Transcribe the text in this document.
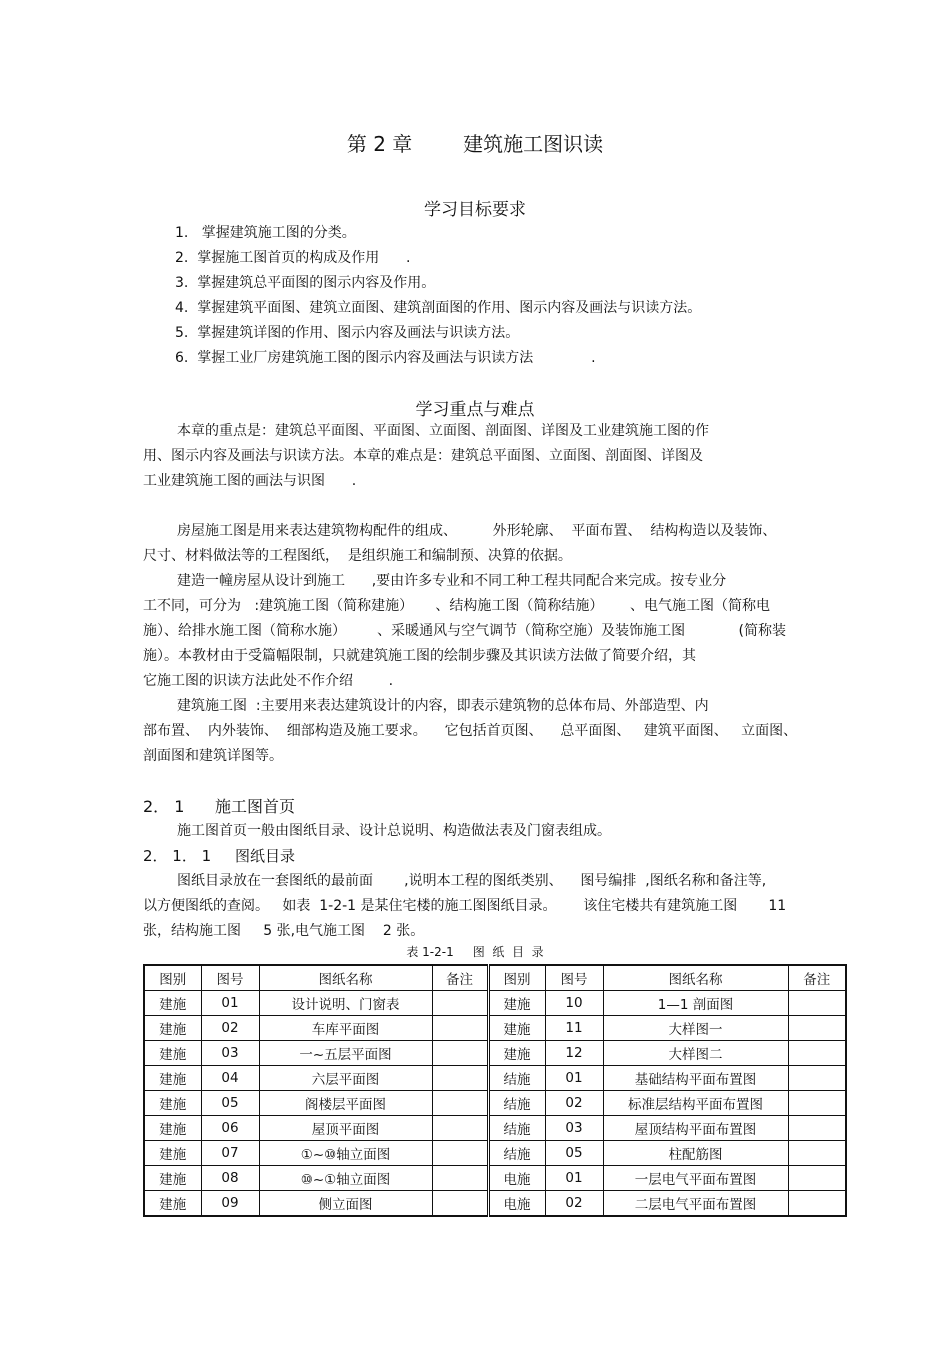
第 2 章        建筑施工图识读
学习目标要求
1.   掌握建筑施工图的分类。
2.  掌握施工图首页的构成及作用      .
3.  掌握建筑总平面图的图示内容及作用。
4.  掌握建筑平面图、建筑立面图、建筑剖面图的作用、图示内容及画法与识读方法。
5.  掌握建筑详图的作用、图示内容及画法与识读方法。
6.  掌握工业厂房建筑施工图的图示内容及画法与识读方法             .
学习重点与难点
本章的重点是：建筑总平面图、平面图、立面图、剖面图、详图及工业建筑施工图的作
用、图示内容及画法与识读方法。本章的难点是：建筑总平面图、立面图、剖面图、详图及
工业建筑施工图的画法与识图      .
房屋施工图是用来表达建筑物构配件的组成、        外形轮廓、  平面布置、  结构构造以及装饰、
尺寸、材料做法等的工程图纸，  是组织施工和编制预、决算的依据。
建造一幢房屋从设计到施工      ,要由许多专业和不同工种工程共同配合来完成。按专业分
工不同，可分为   :建筑施工图（简称建施）     、结构施工图（简称结施）      、电气施工图（简称电
施）、给排水施工图（简称水施）       、采暖通风与空气调节（简称空施）及装饰施工图            (简称装
施）。本教材由于受篇幅限制，只就建筑施工图的绘制步骤及其识读方法做了简要介绍，其
它施工图的识读方法此处不作介绍        .
建筑施工图  :主要用来表达建筑设计的内容，即表示建筑物的总体布局、外部造型、内
部布置、  内外装饰、  细部构造及施工要求。    它包括首页图、    总平面图、   建筑平面图、   立面图、
剖面图和建筑详图等。
2． 1      施工图首页
施工图首页一般由图纸目录、设计总说明、构造做法表及门窗表组成。
2． 1． 1     图纸目录
图纸目录放在一套图纸的最前面       ,说明本工程的图纸类别、    图号编排  ,图纸名称和备注等,
以方便图纸的查阅。   如表  1-2-1 是某住宅楼的施工图图纸目录。      该住宅楼共有建筑施工图       11
张，结构施工图     5 张,电气施工图    2 张。
表 1-2-1     图  纸  目  录
图别	图号	图纸名称	备注	图别	图号	图纸名称	备注
建施	01	设计说明、门窗表		建施	10	1—1 剖面图	
建施	02	车库平面图		建施	11	大样图一	
建施	03	一~五层平面图		建施	12	大样图二	
建施	04	六层平面图		结施	01	基础结构平面布置图	
建施	05	阁楼层平面图		结施	02	标准层结构平面布置图	
建施	06	屋顶平面图		结施	03	屋顶结构平面布置图	
建施	07	①~⑩轴立面图		结施	05	柱配筋图	
建施	08	⑩~①轴立面图		电施	01	一层电气平面布置图	
建施	09	侧立面图		电施	02	二层电气平面布置图	
